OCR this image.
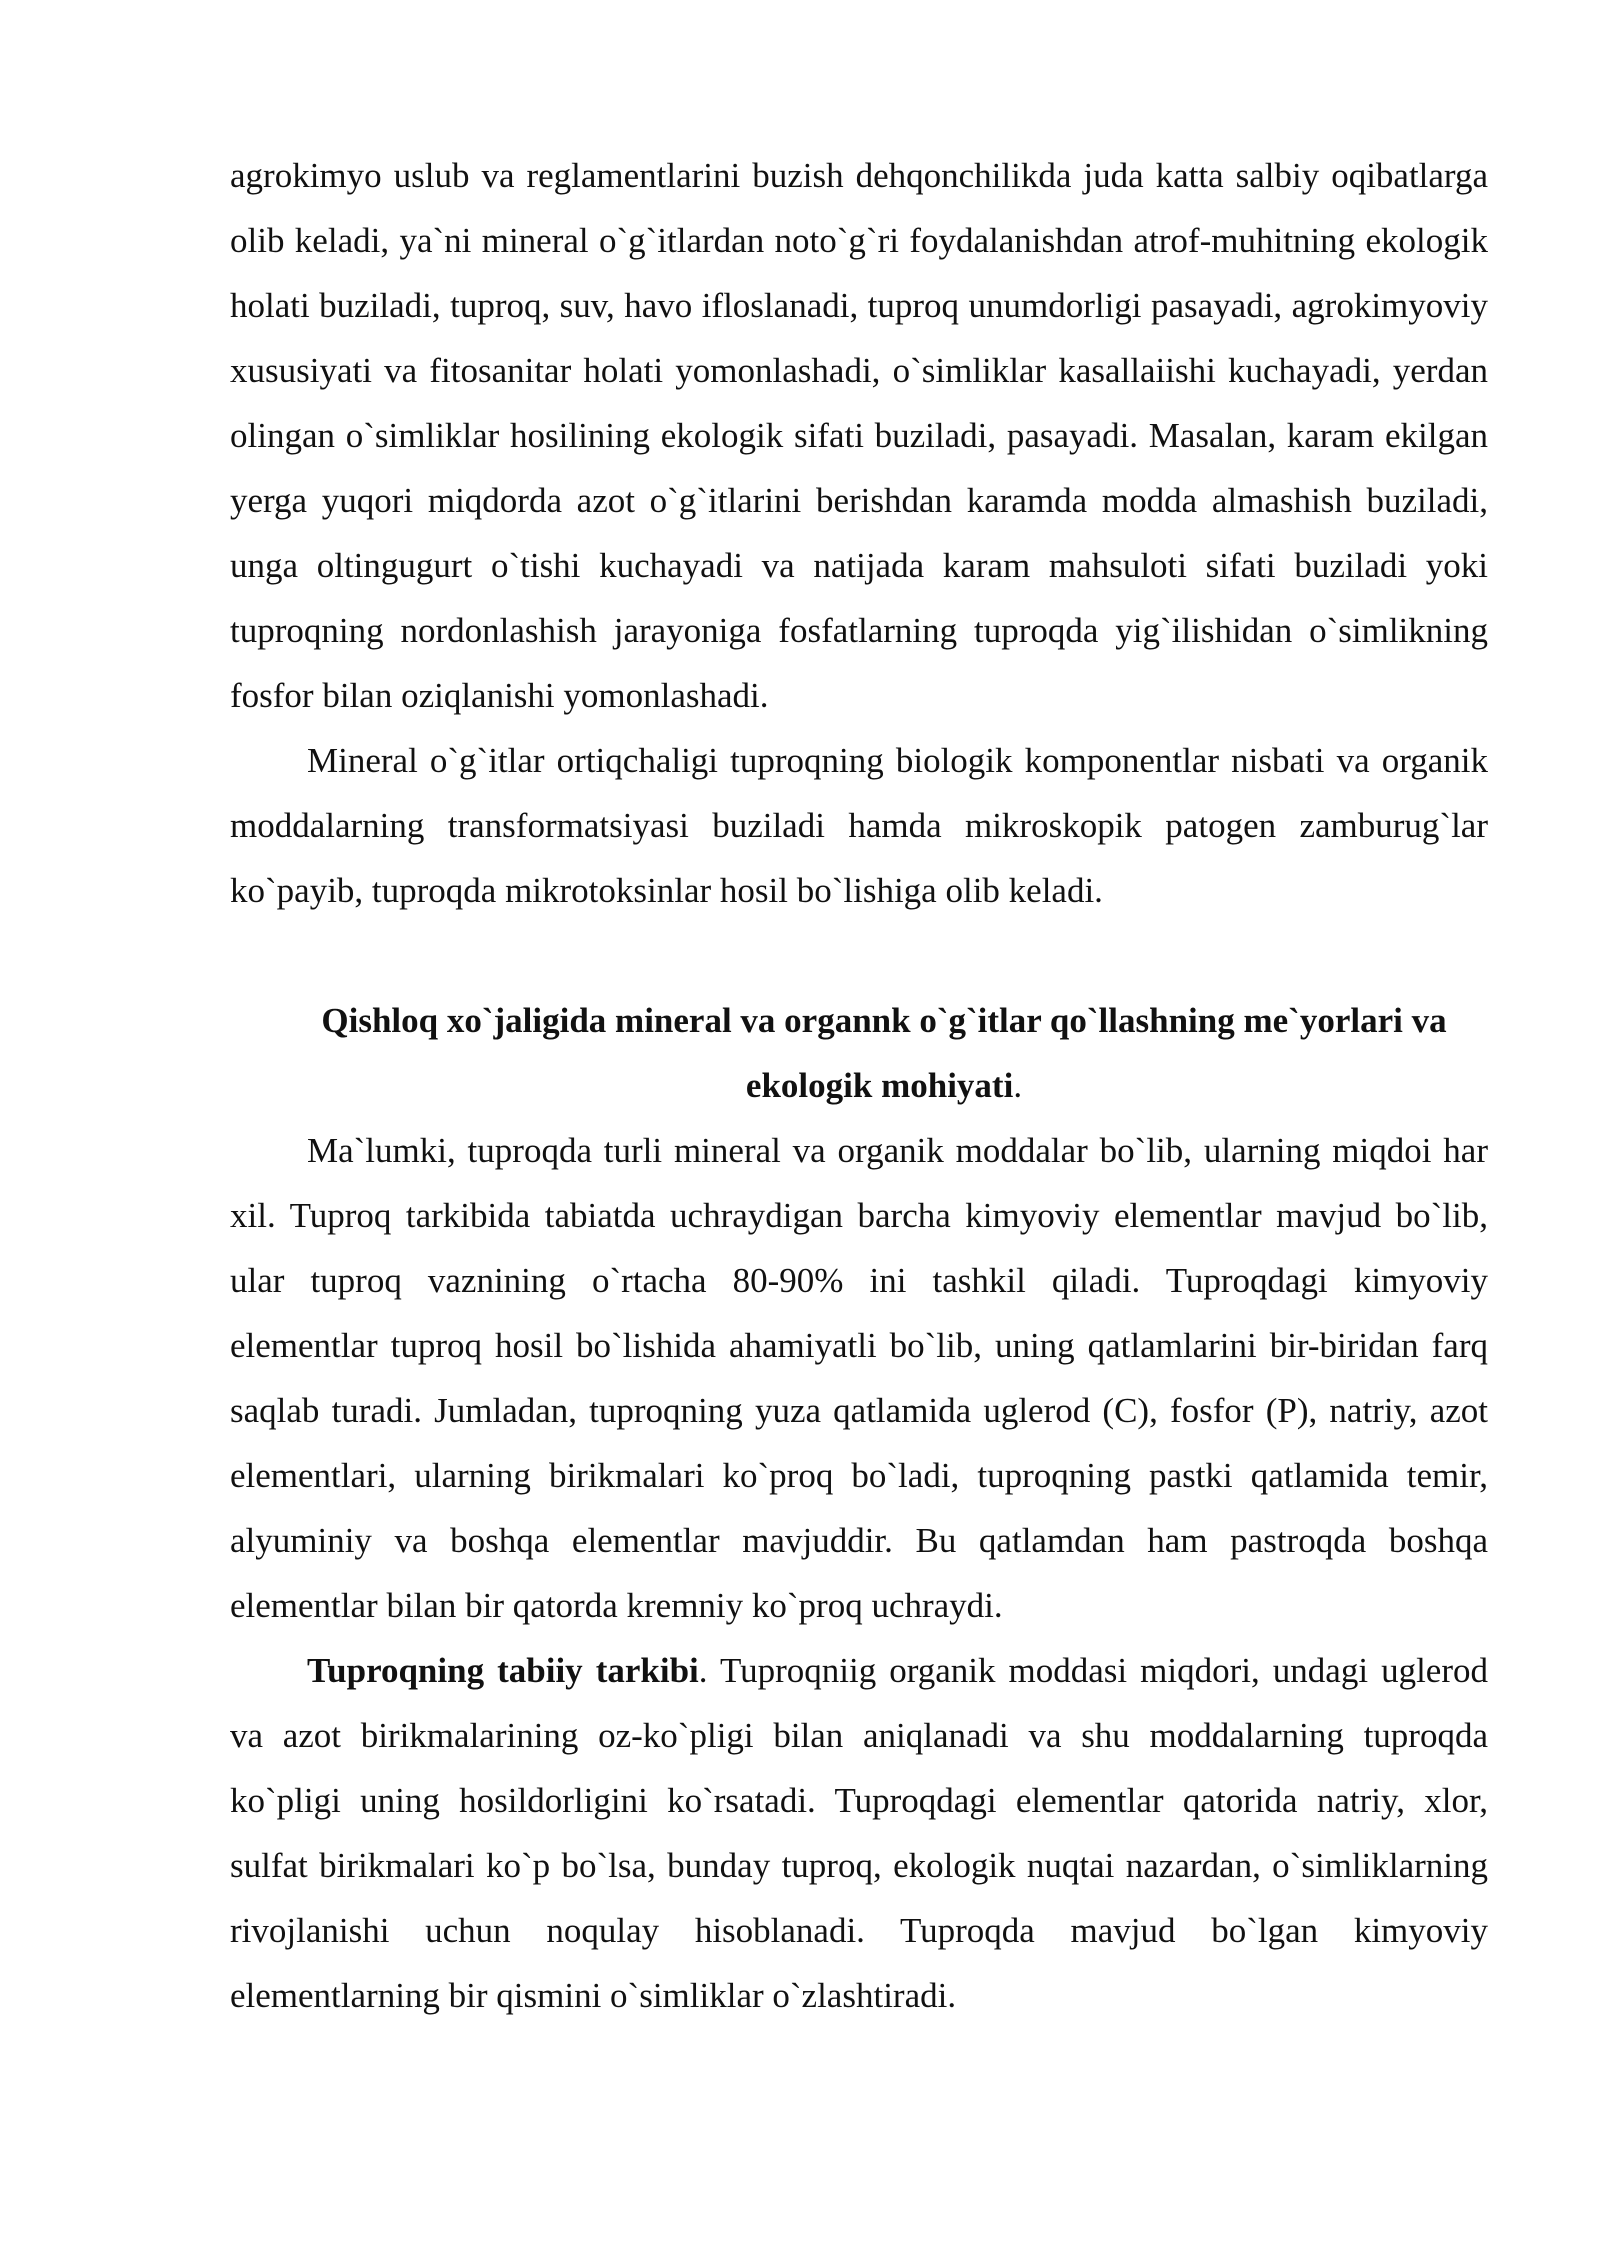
agrokimyo uslub va reglamentlarini buzish dehqonchilikda juda katta salbiy oqibatlarga olib keladi, ya`ni mineral o`g`itlardan noto`g`ri foydalanishdan atrof-muhitning ekologik holati buziladi, tuproq, suv, havo ifloslanadi, tuproq unumdorligi pasayadi, agrokimyoviy xususiyati va fitosanitar holati yomonlashadi, o`simliklar kasallaiishi kuchayadi, yerdan olingan o`simliklar hosilining ekologik sifati buziladi, pasayadi. Masalan, karam ekilgan yerga yuqori miqdorda azot o`g`itlarini berishdan karamda modda almashish buziladi, unga oltingugurt o`tishi kuchayadi va natijada karam mahsuloti sifati buziladi yoki tuproqning nordonlashish jarayoniga fosfatlarning tuproqda yig`ilishidan o`simlikning fosfor bilan oziqlanishi yomonlashadi.

Mineral o`g`itlar ortiqchaligi tuproqning biologik komponentlar nisbati va organik moddalarning transformatsiyasi buziladi hamda mikroskopik patogen zamburug`lar ko`payib, tuproqda mikrotoksinlar hosil bo`lishiga olib keladi.

Qishloq xo`jaligida mineral va organnk o`g`itlar qo`llashning me`yorlari va ekologik mohiyati.

Ma`lumki, tuproqda turli mineral va organik moddalar bo`lib, ularning miqdoi har xil. Tuproq tarkibida tabiatda uchraydigan barcha kimyoviy elementlar mavjud bo`lib, ular tuproq vaznining o`rtacha 80-90% ini tashkil qiladi. Tuproqdagi kimyoviy elementlar tuproq hosil bo`lishida ahamiyatli bo`lib, uning qatlamlarini bir-biridan farq saqlab turadi. Jumladan, tuproqning yuza qatlamida uglerod (C), fosfor (P), natriy, azot elementlari, ularning birikmalari ko`proq bo`ladi, tuproqning pastki qatlamida temir, alyuminiy va boshqa elementlar mavjuddir. Bu qatlamdan ham pastroqda boshqa elementlar bilan bir qatorda kremniy ko`proq uchraydi.

Tuproqning tabiiy tarkibi. Tuproqniig organik moddasi miqdori, undagi uglerod va azot birikmalarining oz-ko`pligi bilan aniqlanadi va shu moddalarning tuproqda ko`pligi uning hosildorligini ko`rsatadi. Tuproqdagi elementlar qatorida natriy, xlor, sulfat birikmalari ko`p bo`lsa, bunday tuproq, ekologik nuqtai nazardan, o`simliklarning rivojlanishi uchun noqulay hisoblanadi. Tuproqda mavjud bo`lgan kimyoviy elementlarning bir qismini o`simliklar o`zlashtiradi.
